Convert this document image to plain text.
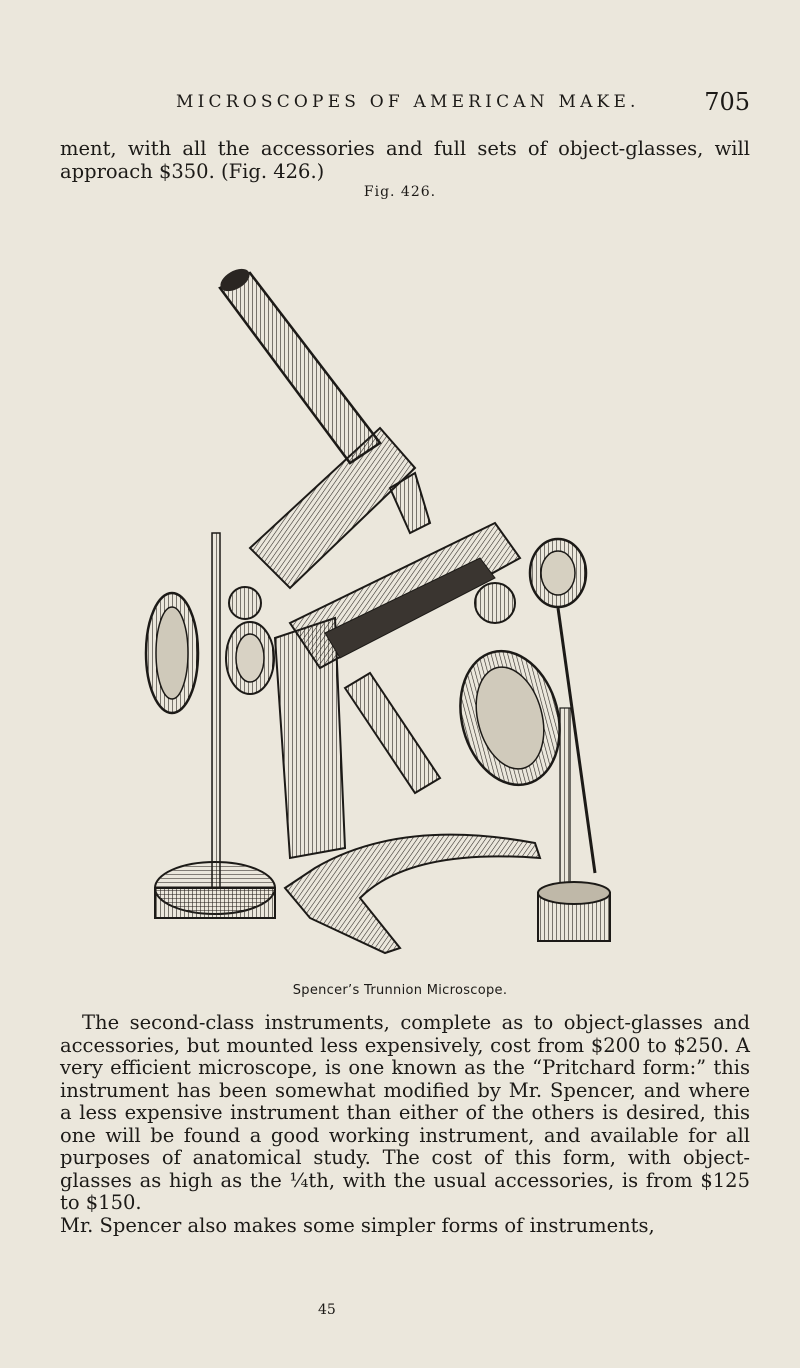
MICROSCOPES OF AMERICAN MAKE.	705

ment, with all the accessories and full sets of object-glasses, will approach $350. (Fig. 426.)

Fig. 426.
Spencer’s Trunnion Microscope.

The second-class instruments, complete as to object-glasses and accessories, but mounted less expensively, cost from $200 to $250. A very efficient microscope, is one known as the “Pritchard form:” this instrument has been somewhat modified by Mr. Spencer, and where a less expensive instrument than either of the others is desired, this one will be found a good working instrument, and available for all purposes of anatomical study. The cost of this form, with object-glasses as high as the ¼th, with the usual accessories, is from $125 to $150.
Mr. Spencer also makes some simpler forms of instruments,

45
